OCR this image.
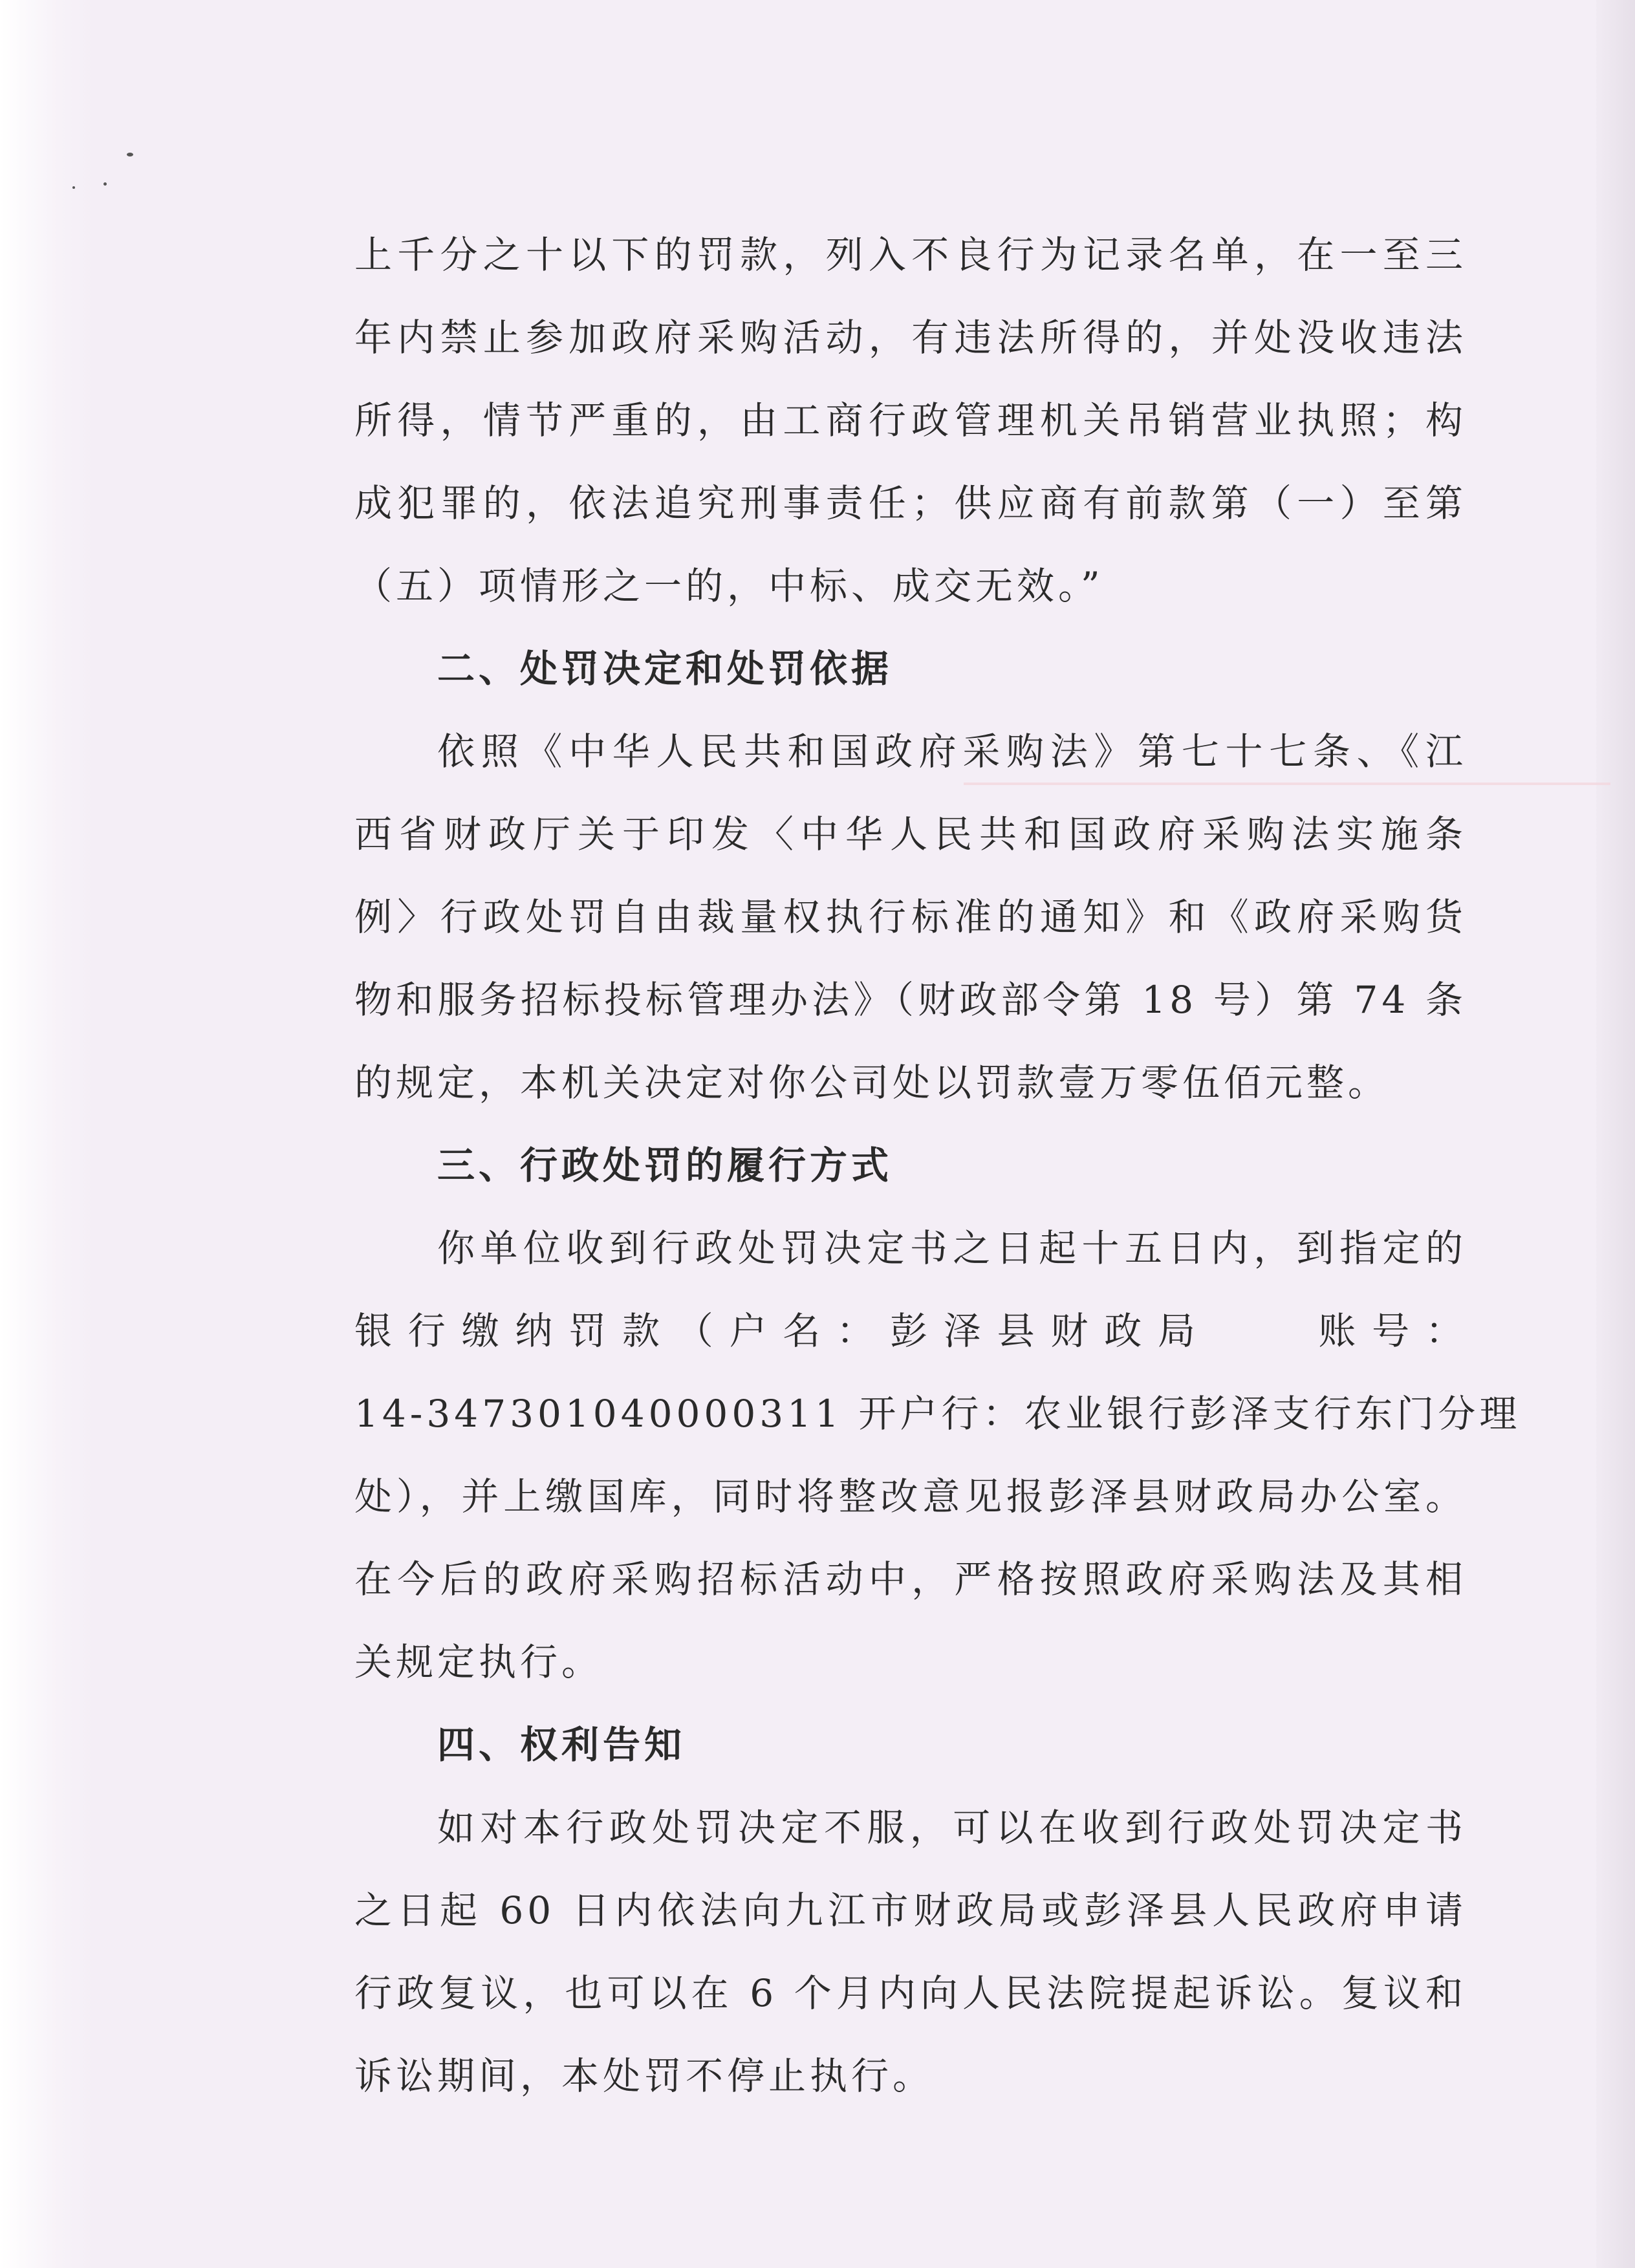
上千分之十以下的罚款，列入不良行为记录名单，在一至三
年内禁止参加政府采购活动，有违法所得的，并处没收违法
所得，情节严重的，由工商行政管理机关吊销营业执照；构
成犯罪的，依法追究刑事责任；供应商有前款第（一）至第
（五）项情形之一的，中标、成交无效。”
二、处罚决定和处罚依据
依照《中华人民共和国政府采购法》第七十七条、《江
西省财政厅关于印发〈中华人民共和国政府采购法实施条
例〉行政处罚自由裁量权执行标准的通知》和《政府采购货
物和服务招标投标管理办法》（财政部令第 18 号）第 74 条
的规定，本机关决定对你公司处以罚款壹万零伍佰元整。
三、行政处罚的履行方式
你单位收到行政处罚决定书之日起十五日内，到指定的
银行缴纳罚款（户名：彭泽县财政局　　账号：
14-347301040000311 开户行：农业银行彭泽支行东门分理
处），并上缴国库，同时将整改意见报彭泽县财政局办公室。
在今后的政府采购招标活动中，严格按照政府采购法及其相
关规定执行。
四、权利告知
如对本行政处罚决定不服，可以在收到行政处罚决定书
之日起 60 日内依法向九江市财政局或彭泽县人民政府申请
行政复议，也可以在 6 个月内向人民法院提起诉讼。复议和
诉讼期间，本处罚不停止执行。
